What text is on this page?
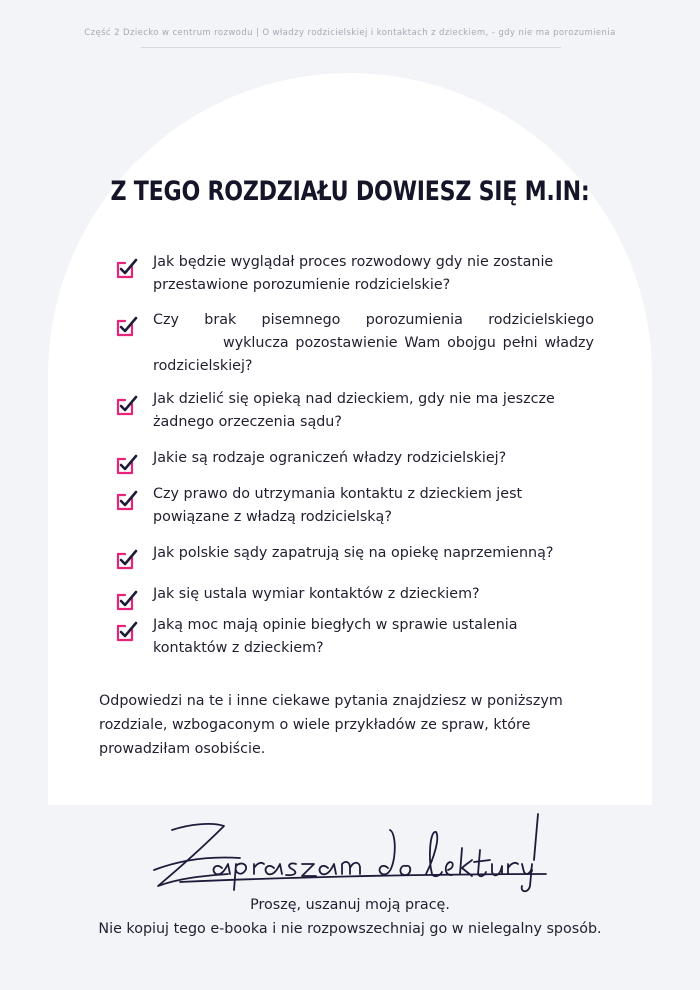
Część 2 Dziecko w centrum rozwodu | O władzy rodzicielskiej i kontaktach z dzieckiem, - gdy nie ma porozumienia
Z TEGO ROZDZIAŁU DOWIESZ SIĘ M.IN:
Jak będzie wyglądał proces rozwodowy gdy nie zostanie przestawione porozumienie rodzicielskie?
Czy brak pisemnego porozumienia rodzicielskiego
wyklucza pozostawienie Wam obojgu pełni władzy rodzicielskiej?
Jak dzielić się opieką nad dzieckiem, gdy nie ma jeszcze żadnego orzeczenia sądu?
Jakie są rodzaje ograniczeń władzy rodzicielskiej?
Czy prawo do utrzymania kontaktu z dzieckiem jest powiązane z władzą rodzicielską?
Jak polskie sądy zapatrują się na opiekę naprzemienną?
Jak się ustala wymiar kontaktów z dzieckiem?
Jaką moc mają opinie biegłych w sprawie ustalenia kontaktów z dzieckiem?

Odpowiedzi na te i inne ciekawe pytania znajdziesz w poniższym rozdziale, wzbogaconym o wiele przykładów ze spraw, które prowadziłam osobiście.

Proszę, uszanuj moją pracę.

Nie kopiuj tego e-booka i nie rozpowszechniaj go w nielegalny sposób.
